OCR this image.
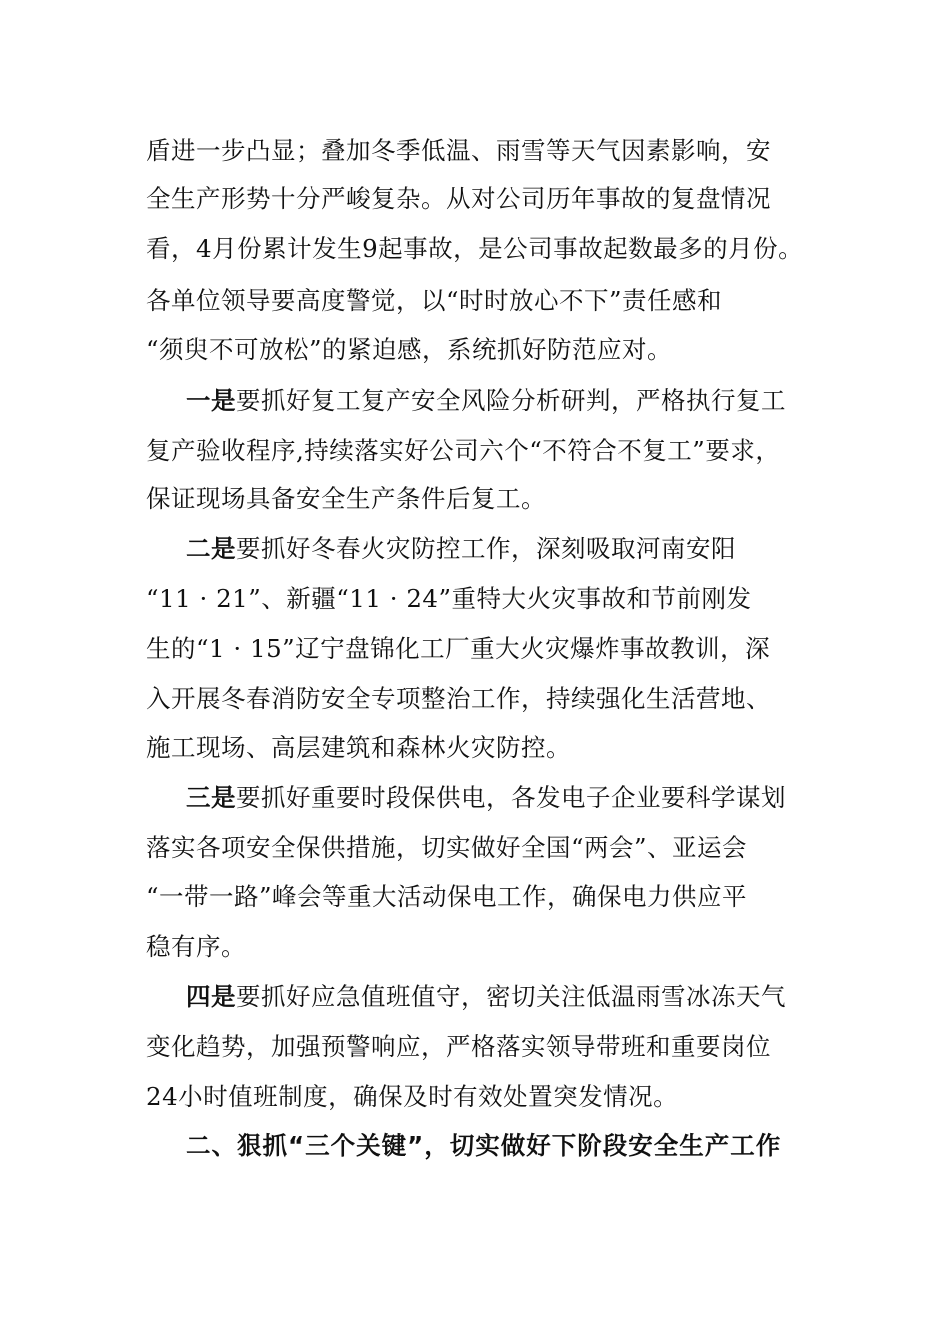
盾进一步凸显；叠加冬季低温、雨雪等天气因素影响，安
全生产形势十分严峻复杂。从对公司历年事故的复盘情况
看，4月份累计发生9起事故，是公司事故起数最多的月份。
各单位领导要高度警觉，以“时时放心不下”责任感和
“须臾不可放松”的紧迫感，系统抓好防范应对。
一是要抓好复工复产安全风险分析研判，严格执行复工
复产验收程序,持续落实好公司六个“不符合不复工”要求，
保证现场具备安全生产条件后复工。
二是要抓好冬春火灾防控工作，深刻吸取河南安阳
“11 · 21”、新疆“11 · 24”重特大火灾事故和节前刚发
生的“1 · 15”辽宁盘锦化工厂重大火灾爆炸事故教训，深
入开展冬春消防安全专项整治工作，持续强化生活营地、
施工现场、高层建筑和森林火灾防控。
三是要抓好重要时段保供电，各发电子企业要科学谋划
落实各项安全保供措施，切实做好全国“两会”、亚运会
“一带一路”峰会等重大活动保电工作，确保电力供应平
稳有序。
四是要抓好应急值班值守，密切关注低温雨雪冰冻天气
变化趋势，加强预警响应，严格落实领导带班和重要岗位
24小时值班制度，确保及时有效处置突发情况。
二、狠抓“三个关键”，切实做好下阶段安全生产工作
